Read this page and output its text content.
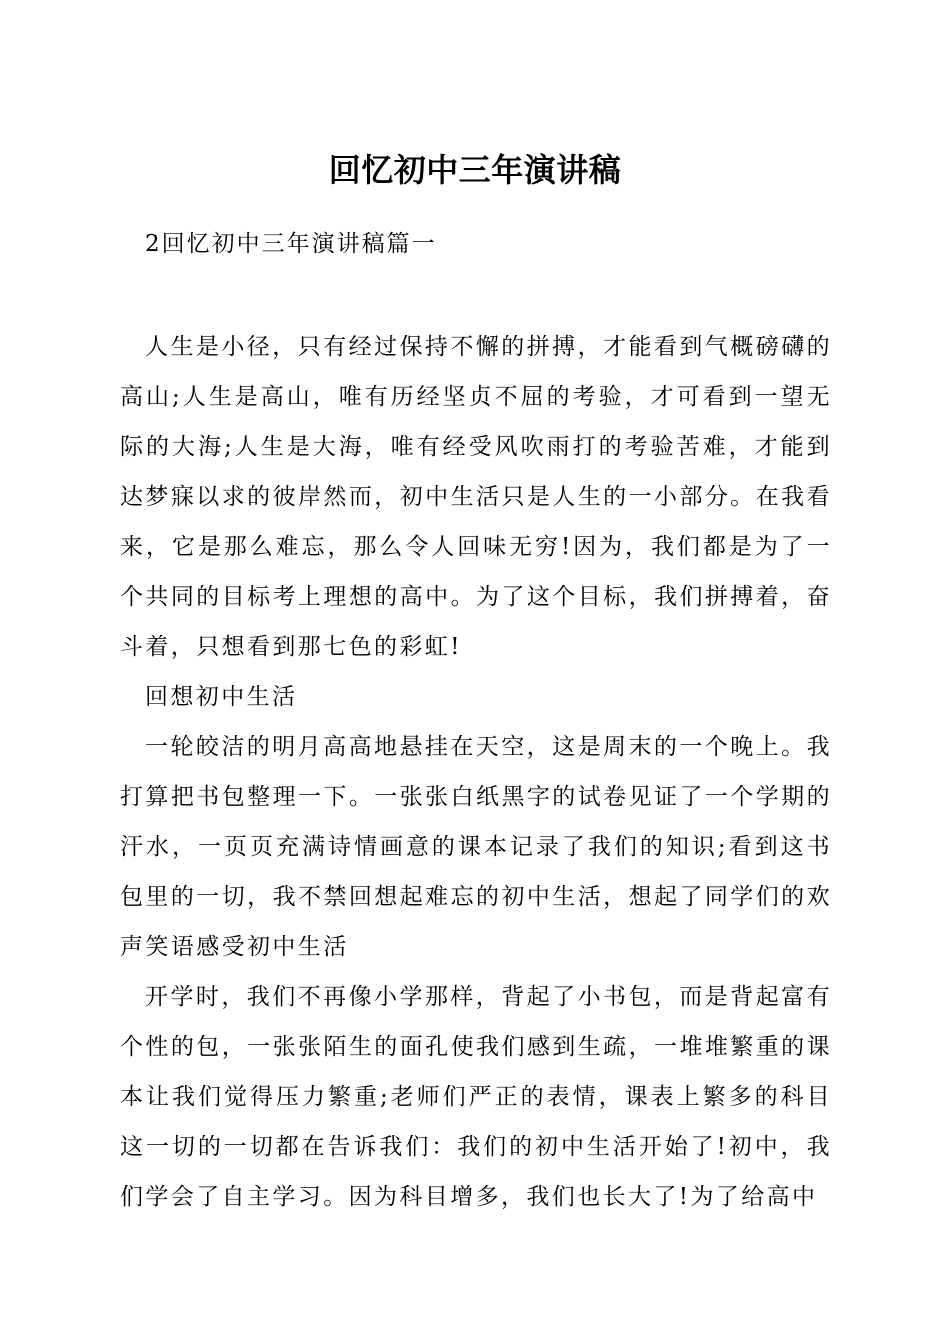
回忆初中三年演讲稿
2回忆初中三年演讲稿篇一

人生是小径，只有经过保持不懈的拼搏，才能看到气概磅礴的高山;人生是高山，唯有历经坚贞不屈的考验，才可看到一望无际的大海;人生是大海，唯有经受风吹雨打的考验苦难，才能到达梦寐以求的彼岸然而，初中生活只是人生的一小部分。在我看来，它是那么难忘，那么令人回味无穷!因为，我们都是为了一个共同的目标考上理想的高中。为了这个目标，我们拼搏着，奋斗着，只想看到那七色的彩虹!

回想初中生活

一轮皎洁的明月高高地悬挂在天空，这是周末的一个晚上。我打算把书包整理一下。一张张白纸黑字的试卷见证了一个学期的汗水，一页页充满诗情画意的课本记录了我们的知识;看到这书包里的一切，我不禁回想起难忘的初中生活，想起了同学们的欢声笑语感受初中生活

开学时，我们不再像小学那样，背起了小书包，而是背起富有个性的包，一张张陌生的面孔使我们感到生疏，一堆堆繁重的课本让我们觉得压力繁重;老师们严正的表情，课表上繁多的科目这一切的一切都在告诉我们：我们的初中生活开始了!初中，我们学会了自主学习。因为科目增多，我们也长大了!为了给高中
